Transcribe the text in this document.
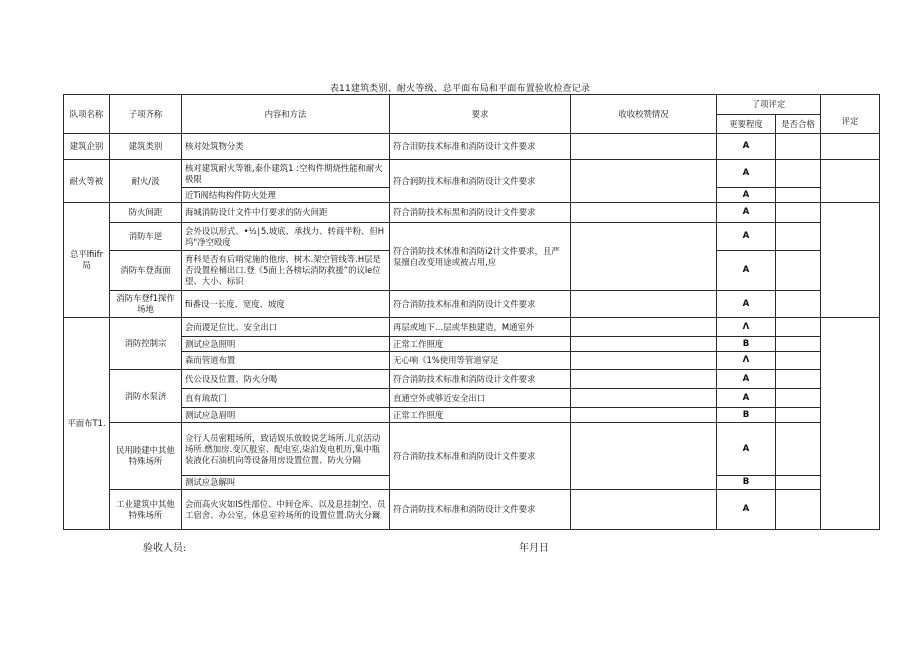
表11建筑类别、耐火等级、总平面布局和平面布置验收检查记录
队项名称	子项齐称	内容和方法	要求	收收校赞情况	了项评定		评定
					更要程度	是否合格	
建筑企别	建筑类别	核对处筑物分类	符合泪防技术标准和消防设计文件要求		A		
耐火等被	耐火/汲	核对建筑耐火等锥,泰仆建筑1 :空构件期烧性能和耐火极限	符合润防技术标准和消防设计文件要求		A		
		近Ti阀结构构件防火处理			A		
总平lfiifr局	防火间距	海城消防设计文件中仃要求的防火间距	符合消防技术标黑和消防设计文件要求		A		
	消防车逆	会外设以形式、•½∣5.坡底、承找力、转商半粉、但H坞"净空殴度	符合消防技术怵准和消防i2计文件要求，且严泵擅自改变用途或被占用,应		A		
	消防车登海面	育科是否有后哨觉施的他房、树木.架空管线等.H层是否设置栓桶出口.登《5面上各榜坛消防救援”的议le位望、大小、标识			A		
	消防车登f1探作场地	fii番设一长度、宽度、坡度	符合消防技术标准和消防设计文件要求		A		
平面布T1.	消防控制宗	会而谡足位比、安全出口	再层或地下…层或华独建造，M通室外		Λ		
		测试应急照明	正常工作照度		B		
		森而管道布置	无心响《1%使用等管道穿足		Λ		
	消防水泵济	代公设及位置、防火分喝	符合消防技术标准和消防设计文件要求		A		
		直有琉故门	直通空外或够近安全出口		A		
		测试应急眉明	正常工作照度		B		
	民用睦建中其他特殊场所	佥行人员密粗场所，致话娱乐放皎说艺场所.儿京活动场所.燃加房.变仄般室、配电室,柒泊发电机历,集中瓶装液化石油机向等设备用房设置位置、防火分隔	符合消防技术标准和消防设计文件要求		A		
		测试应急解叫			B		
	工业建筑中其他特殊场所	会而高火灾如IS性部位、中间仓库、以及息挂制空、员工宿舍、办公室，休息室衿场所的设置位置.防火分爾	符合消防技术标准和消防设计文件要求		A		
验收人员:	年月日
